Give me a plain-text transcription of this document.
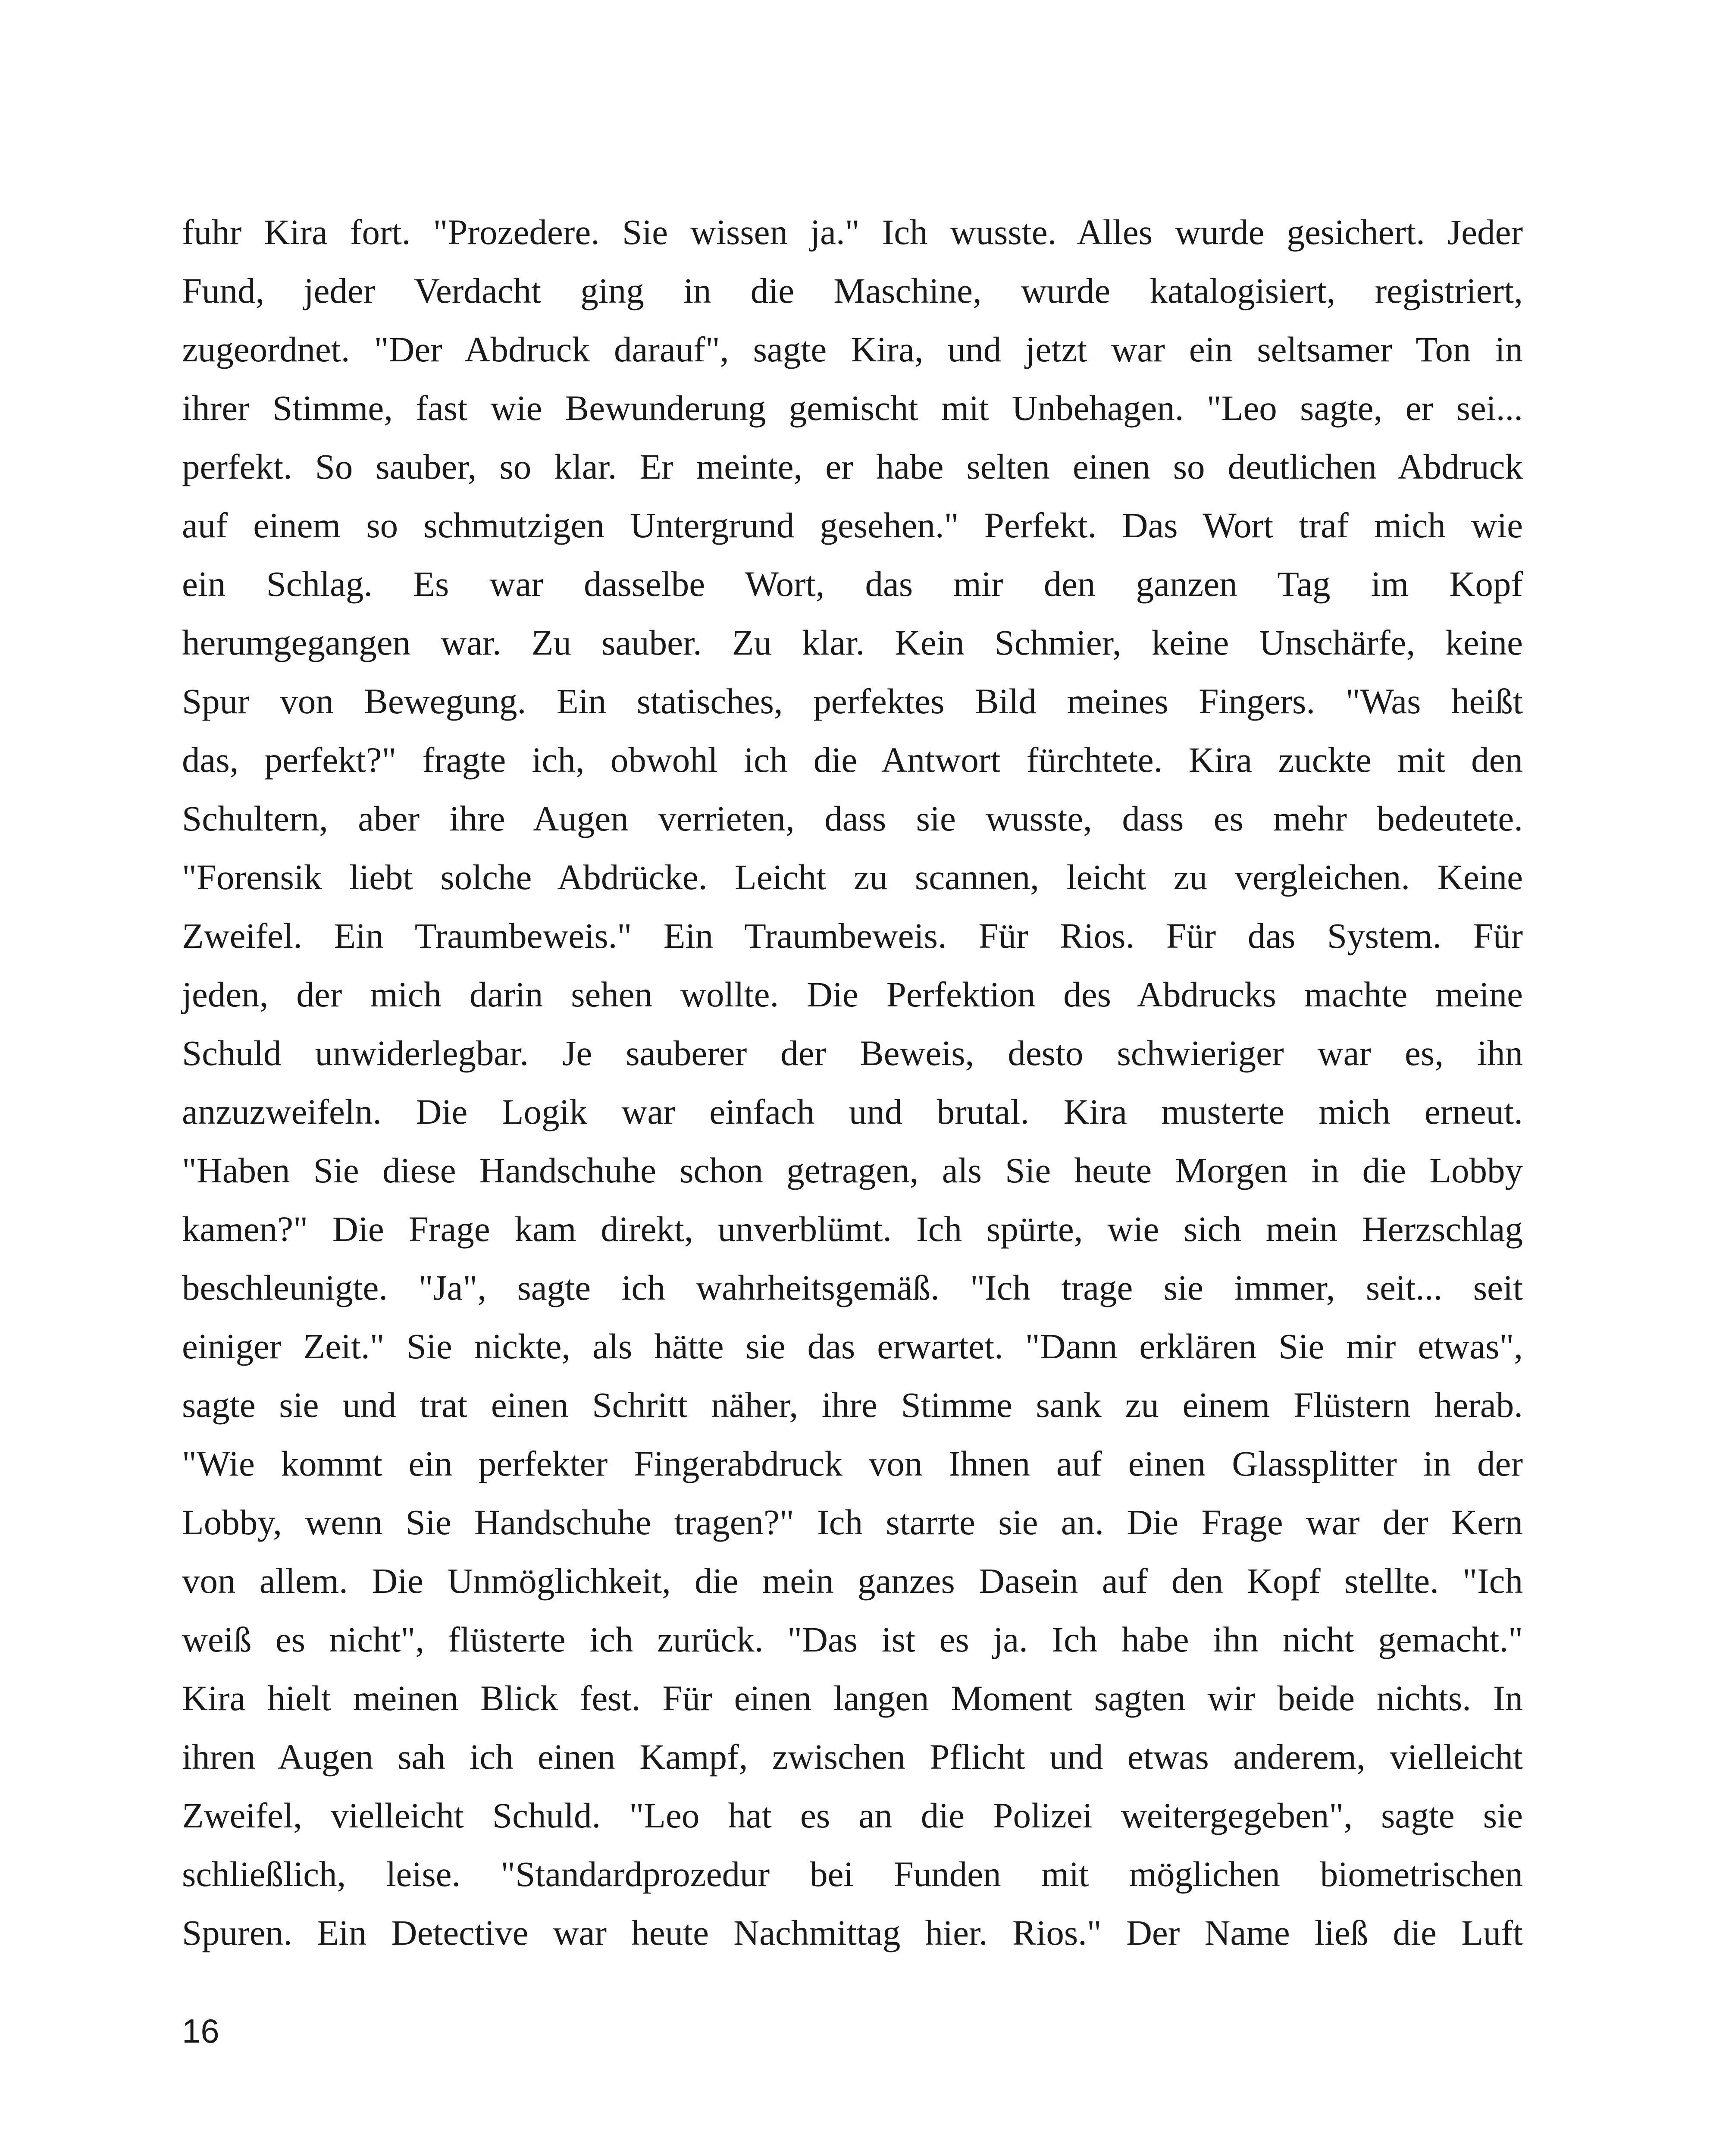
fuhr Kira fort. "Prozedere. Sie wissen ja." Ich wusste. Alles wurde gesichert. Jeder
Fund, jeder Verdacht ging in die Maschine, wurde katalogisiert, registriert,
zugeordnet. "Der Abdruck darauf", sagte Kira, und jetzt war ein seltsamer Ton in
ihrer Stimme, fast wie Bewunderung gemischt mit Unbehagen. "Leo sagte, er sei...
perfekt. So sauber, so klar. Er meinte, er habe selten einen so deutlichen Abdruck
auf einem so schmutzigen Untergrund gesehen." Perfekt. Das Wort traf mich wie
ein Schlag. Es war dasselbe Wort, das mir den ganzen Tag im Kopf
herumgegangen war. Zu sauber. Zu klar. Kein Schmier, keine Unschärfe, keine
Spur von Bewegung. Ein statisches, perfektes Bild meines Fingers. "Was heißt
das, perfekt?" fragte ich, obwohl ich die Antwort fürchtete. Kira zuckte mit den
Schultern, aber ihre Augen verrieten, dass sie wusste, dass es mehr bedeutete.
"Forensik liebt solche Abdrücke. Leicht zu scannen, leicht zu vergleichen. Keine
Zweifel. Ein Traumbeweis." Ein Traumbeweis. Für Rios. Für das System. Für
jeden, der mich darin sehen wollte. Die Perfektion des Abdrucks machte meine
Schuld unwiderlegbar. Je sauberer der Beweis, desto schwieriger war es, ihn
anzuzweifeln. Die Logik war einfach und brutal. Kira musterte mich erneut.
"Haben Sie diese Handschuhe schon getragen, als Sie heute Morgen in die Lobby
kamen?" Die Frage kam direkt, unverblümt. Ich spürte, wie sich mein Herzschlag
beschleunigte. "Ja", sagte ich wahrheitsgemäß. "Ich trage sie immer, seit... seit
einiger Zeit." Sie nickte, als hätte sie das erwartet. "Dann erklären Sie mir etwas",
sagte sie und trat einen Schritt näher, ihre Stimme sank zu einem Flüstern herab.
"Wie kommt ein perfekter Fingerabdruck von Ihnen auf einen Glassplitter in der
Lobby, wenn Sie Handschuhe tragen?" Ich starrte sie an. Die Frage war der Kern
von allem. Die Unmöglichkeit, die mein ganzes Dasein auf den Kopf stellte. "Ich
weiß es nicht", flüsterte ich zurück. "Das ist es ja. Ich habe ihn nicht gemacht."
Kira hielt meinen Blick fest. Für einen langen Moment sagten wir beide nichts. In
ihren Augen sah ich einen Kampf, zwischen Pflicht und etwas anderem, vielleicht
Zweifel, vielleicht Schuld. "Leo hat es an die Polizei weitergegeben", sagte sie
schließlich, leise. "Standardprozedur bei Funden mit möglichen biometrischen
Spuren. Ein Detective war heute Nachmittag hier. Rios." Der Name ließ die Luft
16
